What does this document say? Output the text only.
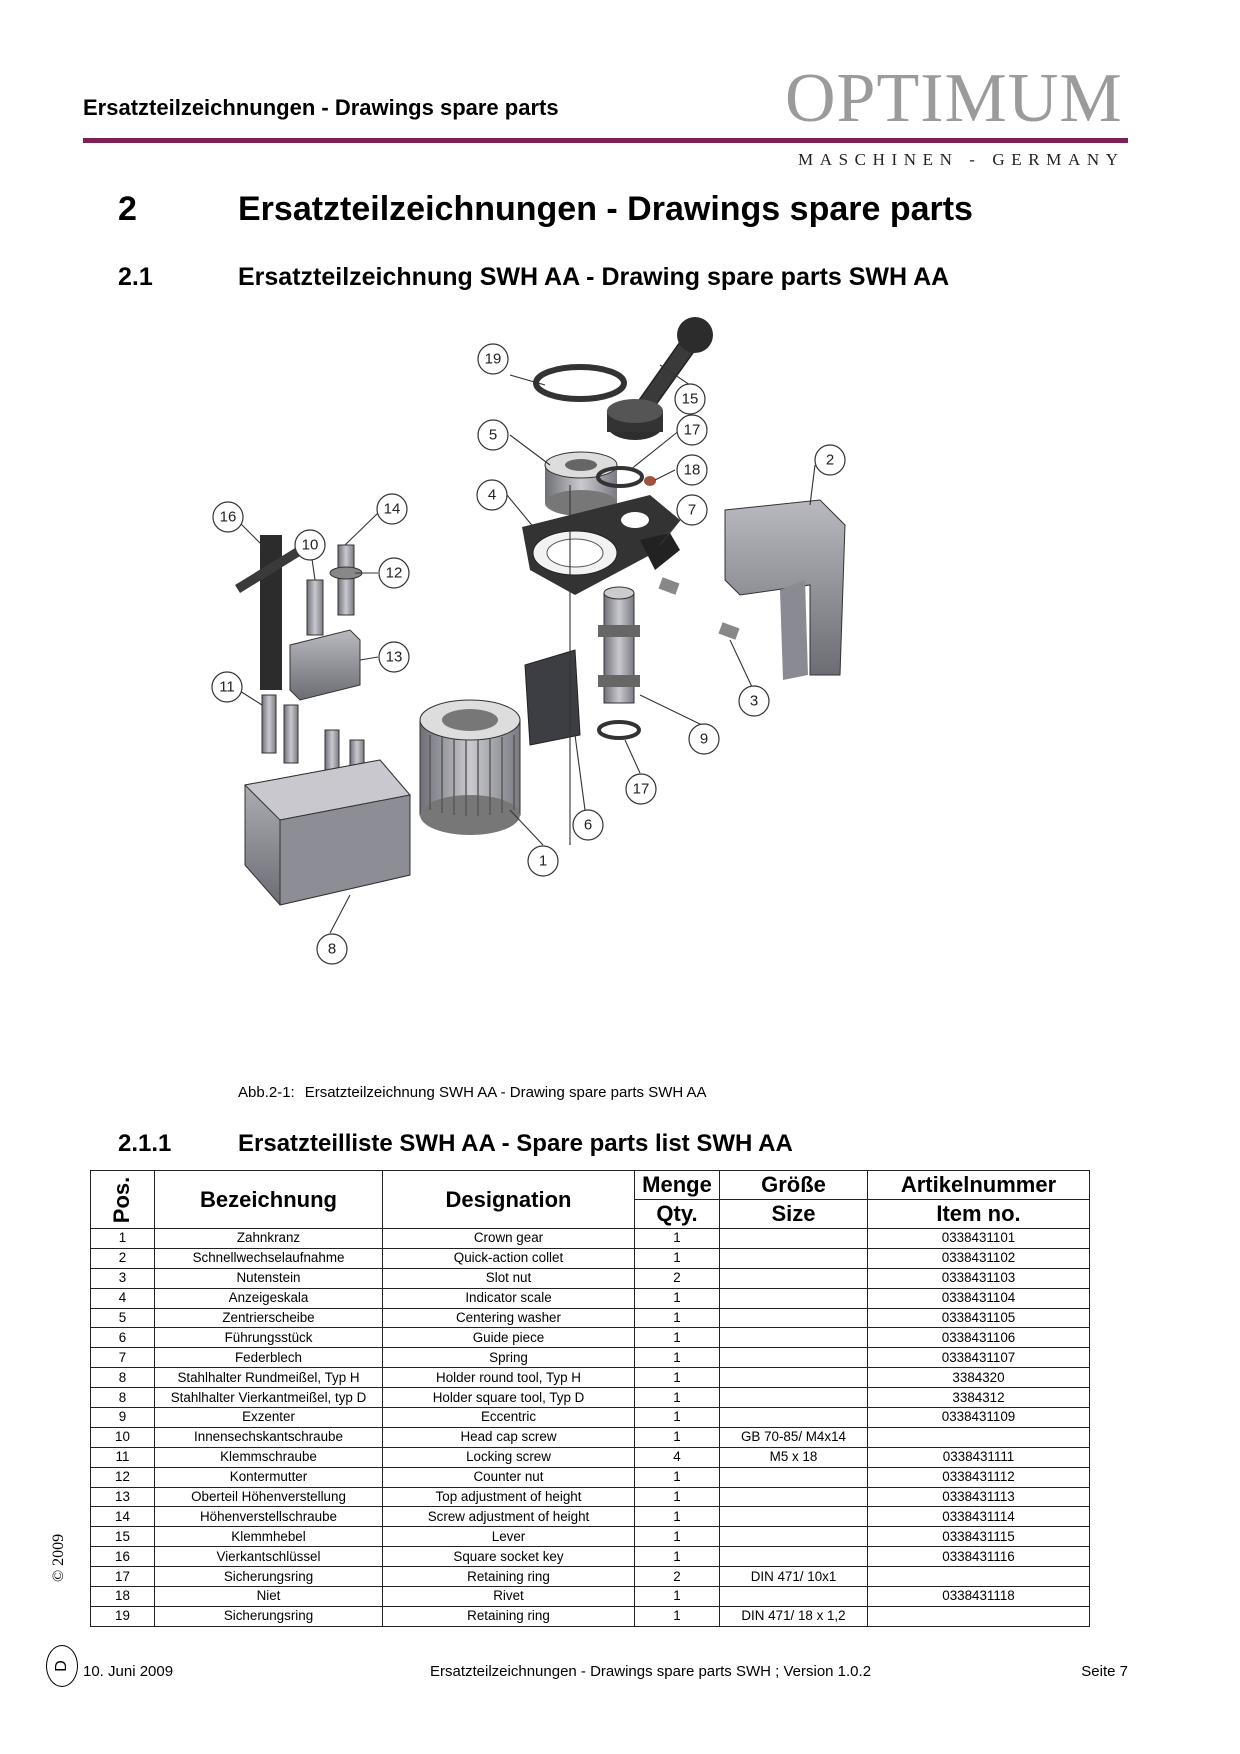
Ersatzteilzeichnungen - Drawings spare parts	OPTIMUM
MASCHINEN - GERMANY
2	Ersatzteilzeichnungen - Drawings spare parts
2.1	Ersatzteilzeichnung SWH AA - Drawing spare parts SWH AA
19
15
5	17
18
2
4
7
16	14
10
12
13
11
3
9
17
6
1
8
Abb.2-1: Ersatzteilzeichnung SWH AA - Drawing spare parts SWH AA
2.1.1	Ersatzteilliste SWH AA - Spare parts list SWH AA
Pos.	Bezeichnung	Designation	Menge	Größe	Artikelnummer
			Qty.	Size	Item no.
1	Zahnkranz	Crown gear	1		0338431101
2	Schnellwechselaufnahme	Quick-action collet	1		0338431102
3	Nutenstein	Slot nut	2		0338431103
4	Anzeigeskala	Indicator scale	1		0338431104
5	Zentrierscheibe	Centering washer	1		0338431105
6	Führungsstück	Guide piece	1		0338431106
7	Federblech	Spring	1		0338431107
8	Stahlhalter Rundmeißel, Typ H	Holder round tool, Typ H	1		3384320
8	Stahlhalter Vierkantmeißel, typ D	Holder square tool, Typ D	1		3384312
9	Exzenter	Eccentric	1		0338431109
10	Innensechskantschraube	Head cap screw	1	GB 70-85/ M4x14	
11	Klemmschraube	Locking screw	4	M5 x 18	0338431111
12	Kontermutter	Counter nut	1		0338431112
13	Oberteil Höhenverstellung	Top adjustment of height	1		0338431113
14	Höhenverstellschraube	Screw adjustment of height	1		0338431114
15	Klemmhebel	Lever	1		0338431115
16	Vierkantschlüssel	Square socket key	1		0338431116
17	Sicherungsring	Retaining ring	2	DIN 471/ 10x1	
18	Niet	Rivet	1		0338431118
19	Sicherungsring	Retaining ring	1	DIN 471/ 18 x 1,2	
© 2009
D 10. Juni 2009	Ersatzteilzeichnungen - Drawings spare parts SWH ; Version 1.0.2	Seite 7
